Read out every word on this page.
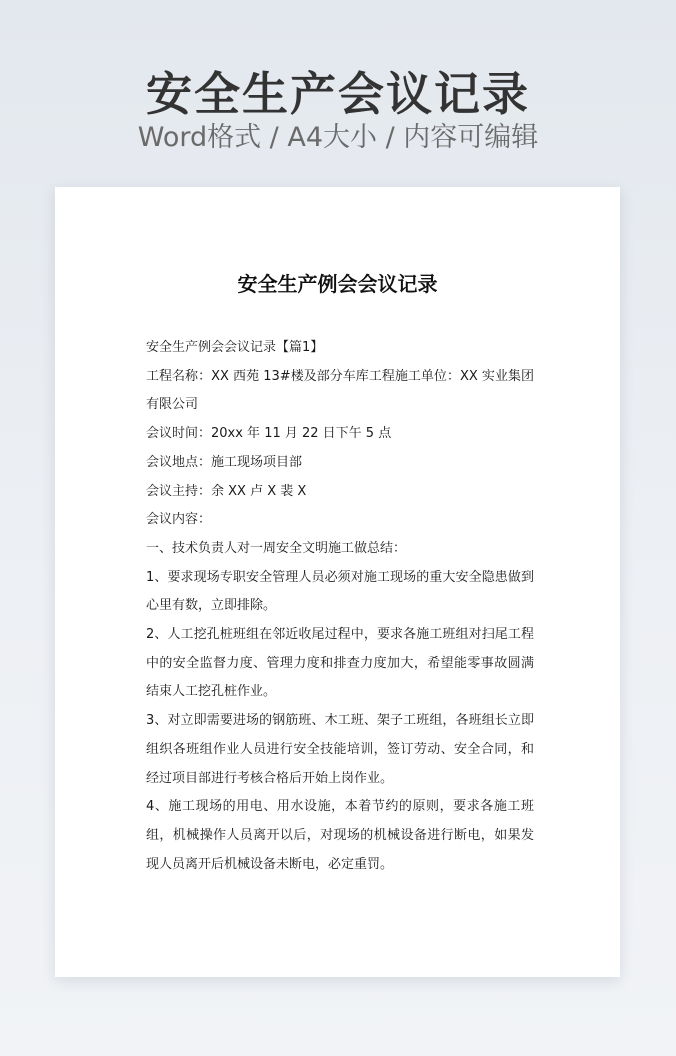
安全生产会议记录
Word格式 / A4大小 / 内容可编辑
安全生产例会会议记录

安全生产例会会议记录【篇1】

工程名称：XX 西苑 13#楼及部分车库工程施工单位：XX 实业集团有限公司

会议时间：20xx 年 11 月 22 日下午 5 点

会议地点：施工现场项目部

会议主持：余 XX 卢 X 裴 X

会议内容：

一、技术负责人对一周安全文明施工做总结：

1、要求现场专职安全管理人员必须对施工现场的重大安全隐患做到心里有数，立即排除。

2、人工挖孔桩班组在邻近收尾过程中，要求各施工班组对扫尾工程中的安全监督力度、管理力度和排查力度加大，希望能零事故圆满结束人工挖孔桩作业。

3、对立即需要进场的钢筋班、木工班、架子工班组，各班组长立即组织各班组作业人员进行安全技能培训，签订劳动、安全合同，和经过项目部进行考核合格后开始上岗作业。

4、施工现场的用电、用水设施，本着节约的原则，要求各施工班组，机械操作人员离开以后，对现场的机械设备进行断电，如果发现人员离开后机械设备未断电，必定重罚。
